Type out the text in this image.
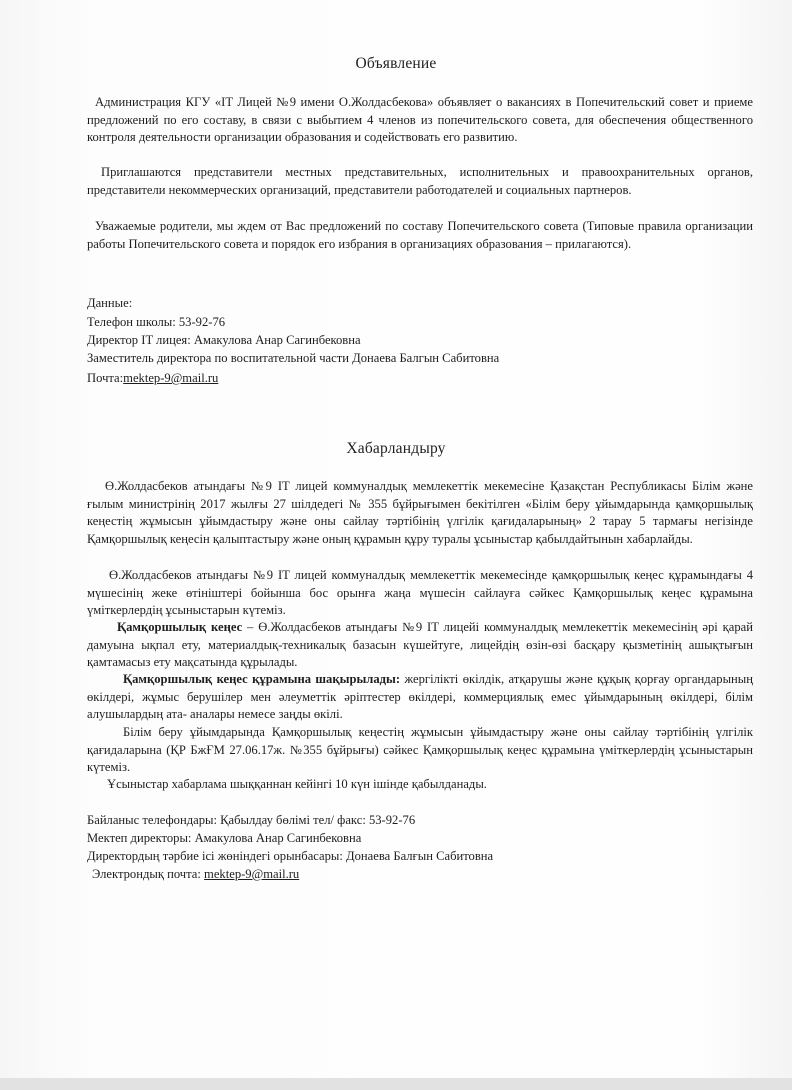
Объявление
Администрация КГУ «IT Лицей №9 имени О.Жолдасбекова» объявляет о вакансиях в Попечительский совет и приеме предложений по его составу, в связи с выбытием 4 членов из попечительского совета, для обеспечения общественного контроля деятельности организации образования и содействовать его развитию.
Приглашаются представители местных представительных, исполнительных и правоохранительных органов, представители некоммерческих организаций, представители работодателей и социальных партнеров.
Уважаемые родители, мы ждем от Вас предложений по составу Попечительского совета (Типовые правила организации работы Попечительского совета и порядок его избрания в организациях образования – прилагаются).
Данные:
Телефон школы: 53-92-76
Директор IT лицея: Амакулова Анар Сагинбековна
Заместитель директора по воспитательной части Донаева Балгын Сабитовна
Почта:mektep-9@mail.ru
Хабарландыру
Ө.Жолдасбеков атындағы №9 IT лицей коммуналдық мемлекеттік мекемесіне Қазақстан Республикасы Білім және ғылым министрінің 2017 жылғы 27 шілдедегі № 355 бұйрығымен бекітілген «Білім беру ұйымдарында қамқоршылық кеңестің жұмысын ұйымдастыру және оны сайлау тәртібінің үлгілік қағидаларының» 2 тарау 5 тармағы негізінде Қамқоршылық кеңесін қалыптастыру және оның құрамын құру туралы ұсыныстар қабылдайтынын хабарлайды.
Ө.Жолдасбеков атындағы №9 IT лицей коммуналдық мемлекеттік мекемесінде қамқоршылық кеңес құрамындағы 4 мүшесінің жеке өтініштері бойынша бос орынға жаңа мүшесін сайлауға сәйкес Қамқоршылық кеңес құрамына үміткерлердің ұсыныстарын күтеміз.
Қамқоршылық кеңес – Ө.Жолдасбеков атындағы №9 IT лицейі коммуналдық мемлекеттік мекемесінің әрі қарай дамуына ықпал ету, материалдық-техникалық базасын күшейтуге, лицейдің өзін-өзі басқару қызметінің ашықтығын қамтамасыз ету мақсатында құрылады.
Қамқоршылық кеңес құрамына шақырылады: жергілікті өкілдік, атқарушы және құқық қорғау органдарының өкілдері, жұмыс берушілер мен әлеуметтік әріптестер өкілдері, коммерциялық емес ұйымдарының өкілдері, білім алушылардың ата- аналары немесе заңды өкілі.
Білім беру ұйымдарында Қамқоршылық кеңестің жұмысын ұйымдастыру және оны сайлау тәртібінің үлгілік қағидаларына (ҚР БжҒМ 27.06.17ж. №355 бұйрығы) сәйкес Қамқоршылық кеңес құрамына үміткерлердің ұсыныстарын күтеміз.
Ұсыныстар хабарлама шыққаннан кейінгі 10 күн ішінде қабылданады.
Байланыс телефондары: Қабылдау бөлімі тел/ факс: 53-92-76
Мектеп директоры: Амакулова Анар Сагинбековна
Директордың тәрбие ісі жөніндегі орынбасары: Донаева Балғын Сабитовна
Электрондық почта: mektep-9@mail.ru
